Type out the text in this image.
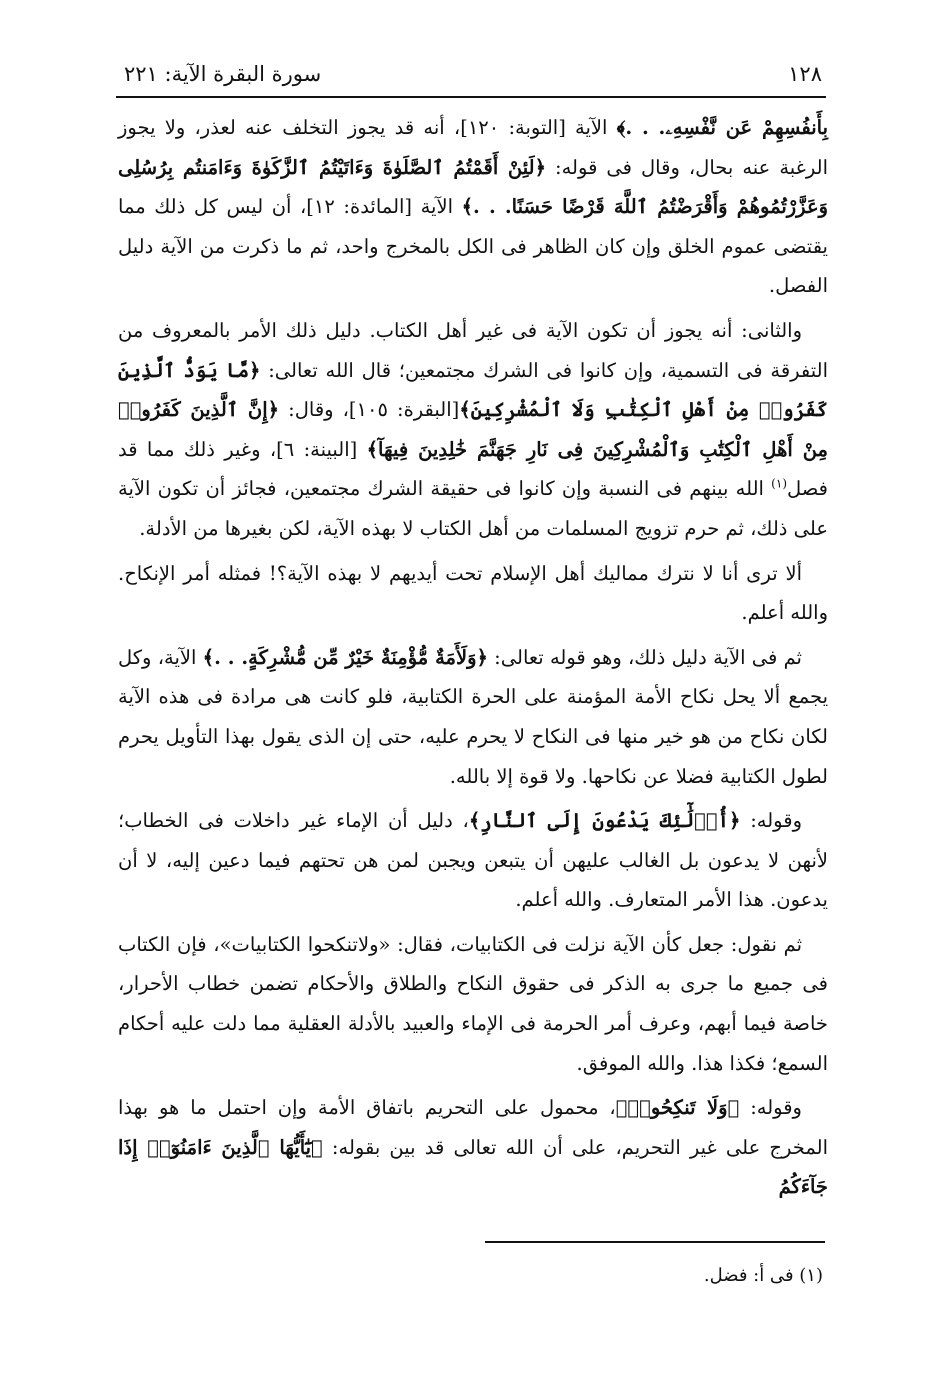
١٢٨
سورة البقرة الآية: ٢٢١

بِأَنفُسِهِمْ عَن نَّفْسِهِۦ. . .﴾ الآية [التوبة: ١٢٠]، أنه قد يجوز التخلف عنه لعذر، ولا يجوز الرغبة عنه بحال، وقال فى قوله: ﴿لَئِنْ أَقَمْتُمُ ٱلصَّلَوٰةَ وَءَاتَيْتُمُ ٱلزَّكَوٰةَ وَءَامَنتُم بِرُسُلِى وَعَزَّرْتُمُوهُمْ وَأَقْرَضْتُمُ ٱللَّهَ قَرْضًا حَسَنًا. . .﴾ الآية [المائدة: ١٢]، أن ليس كل ذلك مما يقتضى عموم الخلق وإن كان الظاهر فى الكل بالمخرج واحد، ثم ما ذكرت من الآية دليل الفصل.

والثانى: أنه يجوز أن تكون الآية فى غير أهل الكتاب. دليل ذلك الأمر بالمعروف من التفرقة فى التسمية، وإن كانوا فى الشرك مجتمعين؛ قال الله تعالى: ﴿مَّا يَوَدُّ ٱلَّذِينَ كَفَرُوا۟ مِنْ أَهْلِ ٱلْكِتَٰبِ وَلَا ٱلْمُشْرِكِينَ﴾[البقرة: ١٠٥]، وقال: ﴿إِنَّ ٱلَّذِينَ كَفَرُوا۟ مِنْ أَهْلِ ٱلْكِتَٰبِ وَٱلْمُشْرِكِينَ فِى نَارِ جَهَنَّمَ خَٰلِدِينَ فِيهَآ﴾ [البينة: ٦]، وغير ذلك مما قد فصل$^{(١)}$ الله بينهم فى النسبة وإن كانوا فى حقيقة الشرك مجتمعين، فجائز أن تكون الآية على ذلك، ثم حرم تزويج المسلمات من أهل الكتاب لا بهذه الآية، لكن بغيرها من الأدلة.

ألا ترى أنا لا نترك مماليك أهل الإسلام تحت أيديهم لا بهذه الآية؟! فمثله أمر الإنكاح. والله أعلم.

ثم فى الآية دليل ذلك، وهو قوله تعالى: ﴿وَلَأَمَةٌ مُّؤْمِنَةٌ خَيْرٌ مِّن مُّشْرِكَةٍ. . .﴾ الآية، وكل يجمع ألا يحل نكاح الأمة المؤمنة على الحرة الكتابية، فلو كانت هى مرادة فى هذه الآية لكان نكاح من هو خير منها فى النكاح لا يحرم عليه، حتى إن الذى يقول بهذا التأويل يحرم لطول الكتابية فضلا عن نكاحها. ولا قوة إلا بالله.

وقوله: ﴿أُو۟لَٰٓئِكَ يَدْعُونَ إِلَى ٱلنَّارِ﴾، دليل أن الإماء غير داخلات فى الخطاب؛ لأنهن لا يدعون بل الغالب عليهن أن يتبعن ويجبن لمن هن تحتهم فيما دعين إليه، لا أن يدعون. هذا الأمر المتعارف. والله أعلم.

ثم نقول: جعل كأن الآية نزلت فى الكتابيات، فقال: «ولاتنكحوا الكتابيات»، فإن الكتاب فى جميع ما جرى به الذكر فى حقوق النكاح والطلاق والأحكام تضمن خطاب الأحرار، خاصة فيما أبهم، وعرف أمر الحرمة فى الإماء والعبيد بالأدلة العقلية مما دلت عليه أحكام السمع؛ فكذا هذا. والله الموفق.

وقوله: ﴿وَلَا تَنكِحُوا۟﴾، محمول على التحريم باتفاق الأمة وإن احتمل ما هو بهذا المخرج على غير التحريم، على أن الله تعالى قد بين بقوله: ﴿يَٰٓأَيُّهَا ٱلَّذِينَ ءَامَنُوٓا۟ إِذَا جَآءَكُمُ

(١) فى أ: فضل.
